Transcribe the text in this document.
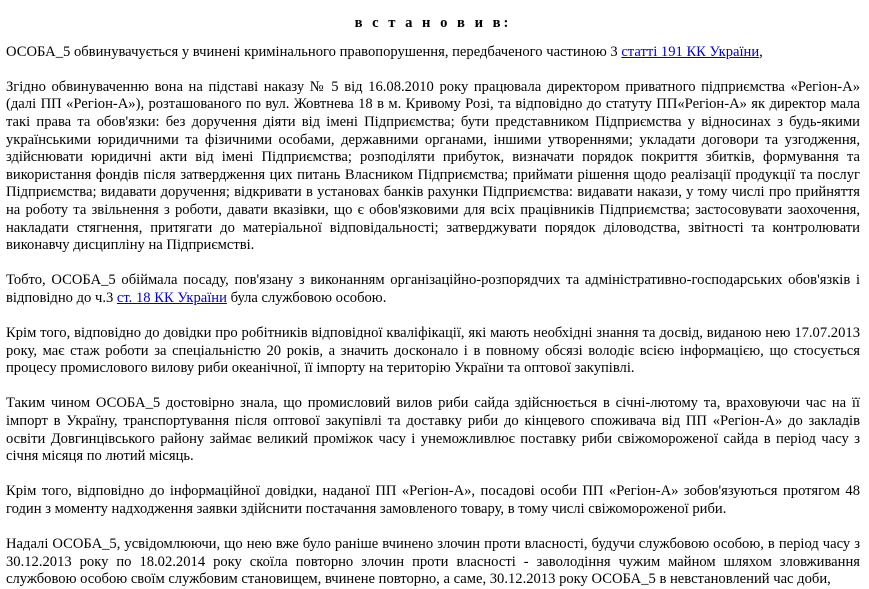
в с т а н о в и в:

ОСОБА_5 обвинувачується у вчинені кримінального правопорушення, передбаченого частиною 3 статті 191 КК України,

Згідно обвинуваченню вона на підставі наказу № 5 від 16.08.2010 року працювала директором приватного підприємства «Регіон-А» (далі ПП «Регіон-А»), розташованого по вул. Жовтнева 18 в м. Кривому Розі, та відповідно до статуту ПП«Регіон-А» як директор мала такі права та обов'язки: без доручення діяти від імені Підприємства; бути представником Підприємства у відносинах з будь-якими українськими юридичними та фізичними особами, державними органами, іншими утвореннями; укладати договори та узгодження, здійснювати юридичні акти від імені Підприємства; розподіляти прибуток, визначати порядок покриття збитків, формування та використання фондів після затвердження цих питань Власником Підприємства; приймати рішення щодо реалізації продукції та послуг Підприємства; видавати доручення; відкривати в установах банків рахунки Підприємства: видавати накази, у тому числі про прийняття на роботу та звільнення з роботи, давати вказівки, що є обов'язковими для всіх працівників Підприємства; застосовувати заохочення, накладати стягнення, притягати до матеріальної відповідальності; затверджувати порядок діловодства, звітності та контролювати виконавчу дисципліну на Підприємстві.

Тобто, ОСОБА_5 обіймала посаду, пов'язану з виконанням організаційно-розпорядчих та адміністративно-господарських обов'язків і відповідно до ч.3 ст. 18 КК України була службовою особою.

Крім того, відповідно до довідки про робітників відповідної кваліфікації, які мають необхідні знання та досвід, виданою нею 17.07.2013 року, має стаж роботи за спеціальністю 20 років, а значить досконало і в повному обсязі володіє всією інформацією, що стосується процесу промислового вилову риби океанічної, її імпорту на територію України та оптової закупівлі.

Таким чином ОСОБА_5 достовірно знала, що промисловий вилов риби сайда здійснюється в січні-лютому та, враховуючи час на її імпорт в Україну, транспортування після оптової закупівлі та доставку риби до кінцевого споживача від ПП «Регіон-А» до закладів освіти Довгинцівського району займає великий проміжок часу і унеможливлює поставку риби свіжомороженої сайда в період часу з січня місяця по лютий місяць.

Крім того, відповідно до інформаційної довідки, наданої ПП «Регіон-А», посадові особи ПП «Регіон-А» зобов'язуються протягом 48 годин з моменту надходження заявки здійснити постачання замовленого товару, в тому числі свіжомороженої риби.

Надалі ОСОБА_5, усвідомлюючи, що нею вже було раніше вчинено злочин проти власності, будучи службовою особою, в період часу з 30.12.2013 року по 18.02.2014 року скоїла повторно злочин проти власності - заволодіння чужим майном шляхом зловживання службовою особою своїм службовим становищем, вчинене повторно, а саме, 30.12.2013 року ОСОБА_5 в невстановлений час доби,
